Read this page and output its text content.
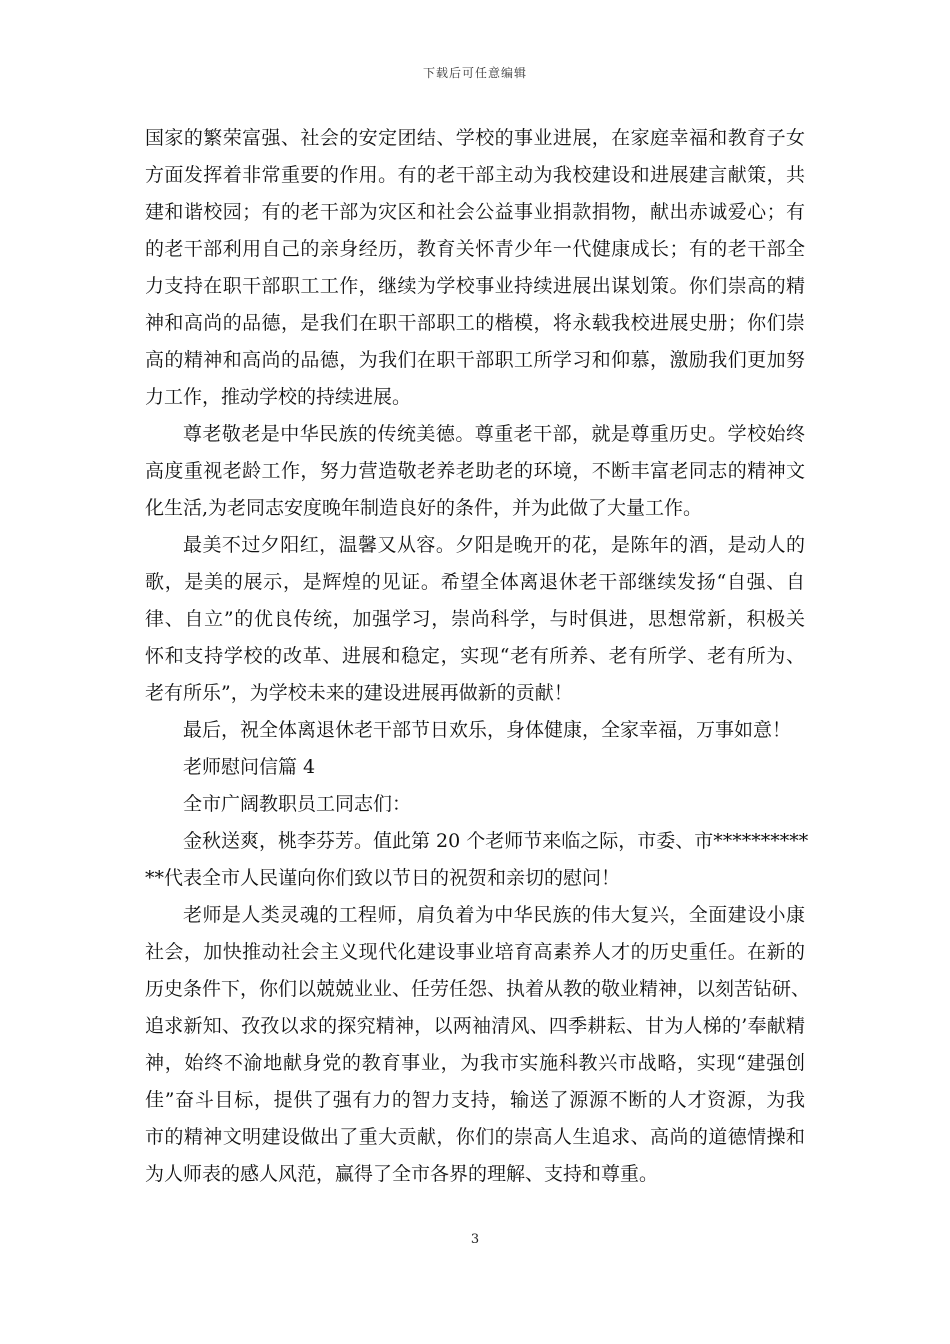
下载后可任意编辑
国家的繁荣富强、社会的安定团结、学校的事业进展，在家庭幸福和教育子女
方面发挥着非常重要的作用。有的老干部主动为我校建设和进展建言献策，共
建和谐校园；有的老干部为灾区和社会公益事业捐款捐物，献出赤诚爱心；有
的老干部利用自己的亲身经历，教育关怀青少年一代健康成长；有的老干部全
力支持在职干部职工工作，继续为学校事业持续进展出谋划策。你们崇高的精
神和高尚的品德，是我们在职干部职工的楷模，将永载我校进展史册；你们崇
高的精神和高尚的品德，为我们在职干部职工所学习和仰慕，激励我们更加努
力工作，推动学校的持续进展。
尊老敬老是中华民族的传统美德。尊重老干部，就是尊重历史。学校始终
高度重视老龄工作，努力营造敬老养老助老的环境，不断丰富老同志的精神文
化生活,为老同志安度晚年制造良好的条件，并为此做了大量工作。
最美不过夕阳红，温馨又从容。夕阳是晚开的花，是陈年的酒，是动人的
歌，是美的展示，是辉煌的见证。希望全体离退休老干部继续发扬“自强、自
律、自立”的优良传统，加强学习，崇尚科学，与时俱进，思想常新，积极关
怀和支持学校的改革、进展和稳定，实现“老有所养、老有所学、老有所为、
老有所乐”，为学校未来的建设进展再做新的贡献！
最后，祝全体离退休老干部节日欢乐，身体健康，全家幸福，万事如意！
老师慰问信篇 4
全市广阔教职员工同志们：
金秋送爽，桃李芬芳。值此第 20 个老师节来临之际，市委、市**********
**代表全市人民谨向你们致以节日的祝贺和亲切的慰问！
老师是人类灵魂的工程师，肩负着为中华民族的伟大复兴，全面建设小康
社会，加快推动社会主义现代化建设事业培育高素养人才的历史重任。在新的
历史条件下，你们以兢兢业业、任劳任怨、执着从教的敬业精神，以刻苦钻研、
追求新知、孜孜以求的探究精神，以两袖清风、四季耕耘、甘为人梯的’奉献精
神，始终不渝地献身党的教育事业，为我市实施科教兴市战略，实现“建强创
佳”奋斗目标，提供了强有力的智力支持，输送了源源不断的人才资源，为我
市的精神文明建设做出了重大贡献，你们的崇高人生追求、高尚的道德情操和
为人师表的感人风范，赢得了全市各界的理解、支持和尊重。
3
